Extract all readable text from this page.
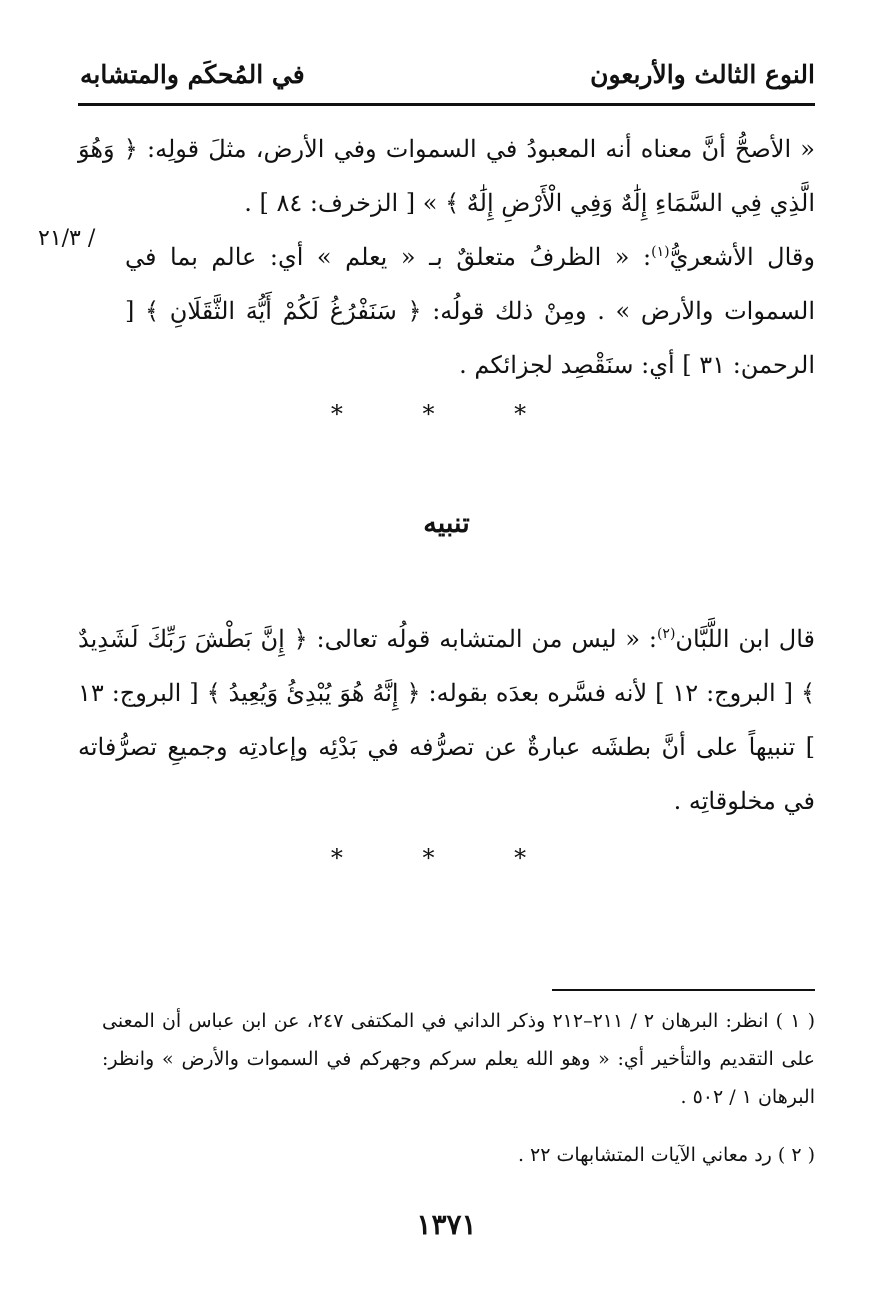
النوع الثالث والأربعون
في المُحكَم والمتشابه

« الأصحُّ أنَّ معناه أنه المعبودُ في السموات وفي الأرض، مثلَ قولِه: ﴿ وَهُوَ الَّذِي فِي السَّمَاءِ إِلَٰهٌ وَفِي الْأَرْضِ إِلَٰهٌ ﴾ » [ الزخرف: ٨٤ ] .

/ ٢١/٣

وقال الأشعريُّ$^{(١)}$: « الظرفُ متعلقٌ بـ « يعلم » أي: عالم بما في السموات والأرض » . ومِنْ ذلك قولُه: ﴿ سَنَفْرُغُ لَكُمْ أَيُّهَ الثَّقَلَانِ ﴾ [ الرحمن: ٣١ ] أي: سنَقْصِد لجزائكم .

* * *
تنبيه

قال ابن اللَّبَّان$^{(٢)}$: « ليس من المتشابه قولُه تعالى: ﴿ إِنَّ بَطْشَ رَبِّكَ لَشَدِيدٌ ﴾ [ البروج: ١٢ ] لأنه فسَّره بعدَه بقوله: ﴿ إِنَّهُ هُوَ يُبْدِئُ وَيُعِيدُ ﴾ [ البروج: ١٣ ] تنبيهاً على أنَّ بطشَه عبارةٌ عن تصرُّفه في بَدْئِه وإعادتِه وجميعِ تصرُّفاته في مخلوقاتِه .

* * *

( ١ ) انظر: البرهان ٢ / ٢١١–٢١٢ وذكر الداني في المكتفى ٢٤٧، عن ابن عباس أن المعنى على التقديم والتأخير أي: « وهو الله يعلم سركم وجهركم في السموات والأرض » وانظر: البرهان ١ / ٥٠٢ .

( ٢ ) رد معاني الآيات المتشابهات ٢٢ .

١٣٧١
